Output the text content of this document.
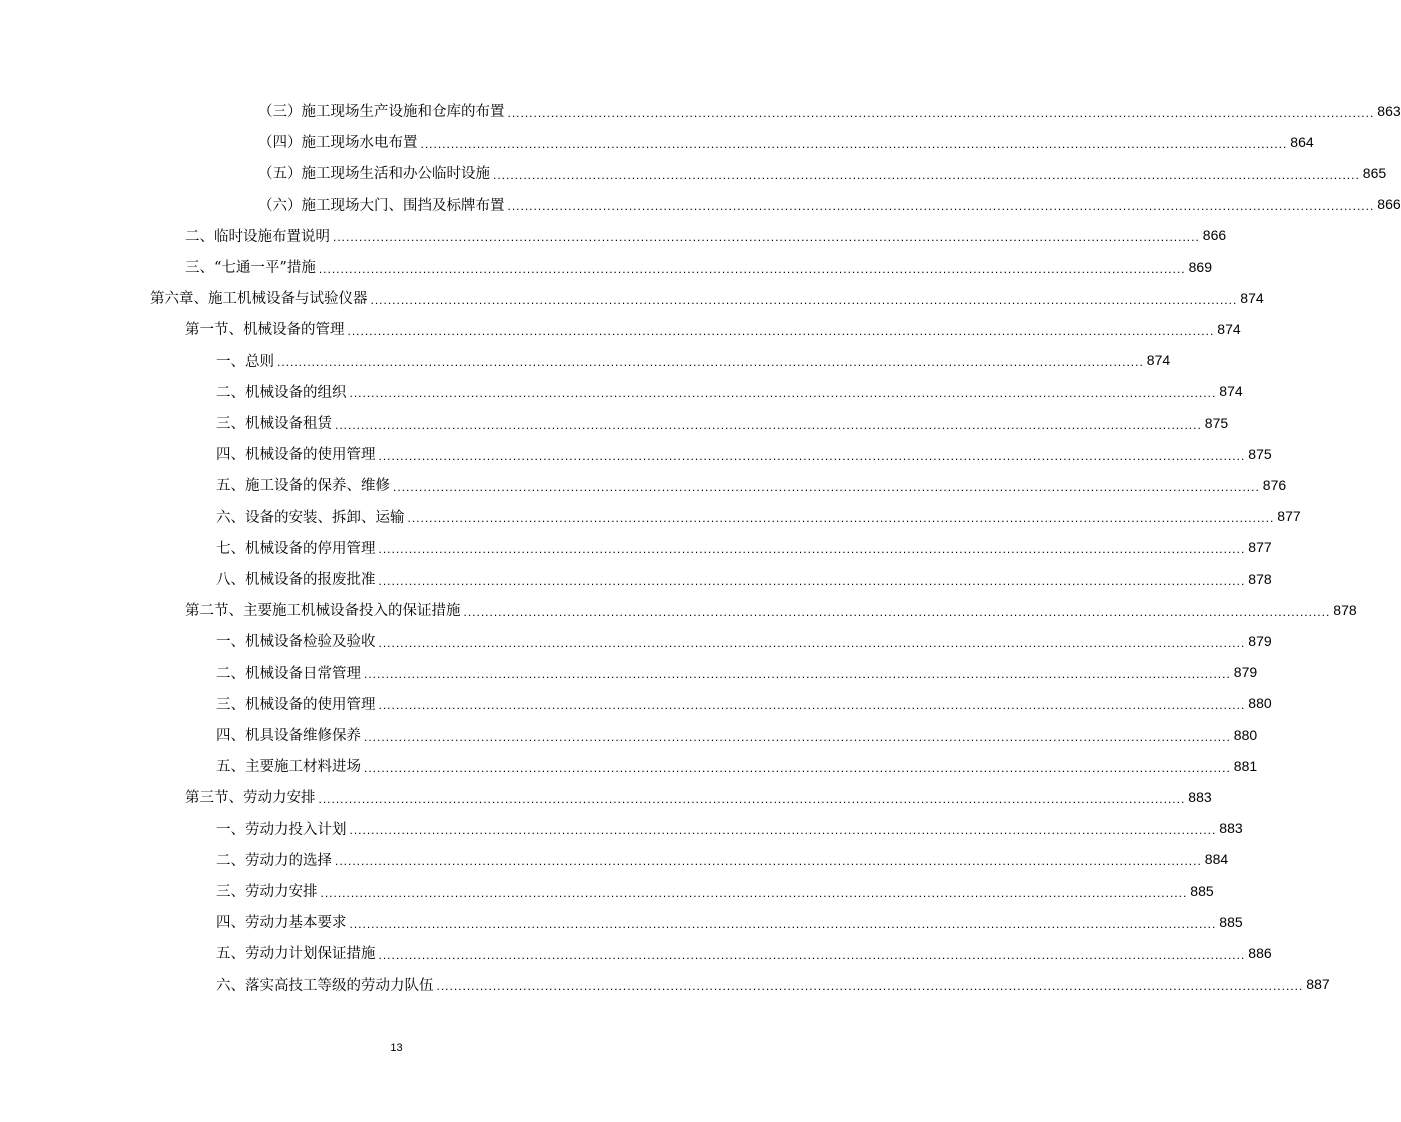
（三）施工现场生产设施和仓库的布置 ........................................................................................................................................................................................................ 863
（四）施工现场水电布置 ........................................................................................................................................................................................................ 864
（五）施工现场生活和办公临时设施 ........................................................................................................................................................................................................ 865
（六）施工现场大门、围挡及标牌布置 ........................................................................................................................................................................................................ 866
二、临时设施布置说明 ........................................................................................................................................................................................................ 866
三、“七通一平”措施 ........................................................................................................................................................................................................ 869
第六章、施工机械设备与试验仪器 ........................................................................................................................................................................................................ 874
第一节、机械设备的管理 ........................................................................................................................................................................................................ 874
一、总则 ........................................................................................................................................................................................................ 874
二、机械设备的组织 ........................................................................................................................................................................................................ 874
三、机械设备租赁 ........................................................................................................................................................................................................ 875
四、机械设备的使用管理 ........................................................................................................................................................................................................ 875
五、施工设备的保养、维修 ........................................................................................................................................................................................................ 876
六、设备的安装、拆卸、运输 ........................................................................................................................................................................................................ 877
七、机械设备的停用管理 ........................................................................................................................................................................................................ 877
八、机械设备的报废批准 ........................................................................................................................................................................................................ 878
第二节、主要施工机械设备投入的保证措施 ........................................................................................................................................................................................................ 878
一、机械设备检验及验收 ........................................................................................................................................................................................................ 879
二、机械设备日常管理 ........................................................................................................................................................................................................ 879
三、机械设备的使用管理 ........................................................................................................................................................................................................ 880
四、机具设备维修保养 ........................................................................................................................................................................................................ 880
五、主要施工材料进场 ........................................................................................................................................................................................................ 881
第三节、劳动力安排 ........................................................................................................................................................................................................ 883
一、劳动力投入计划 ........................................................................................................................................................................................................ 883
二、劳动力的选择 ........................................................................................................................................................................................................ 884
三、劳动力安排 ........................................................................................................................................................................................................ 885
四、劳动力基本要求 ........................................................................................................................................................................................................ 885
五、劳动力计划保证措施 ........................................................................................................................................................................................................ 886
六、落实高技工等级的劳动力队伍 ........................................................................................................................................................................................................ 887
13
